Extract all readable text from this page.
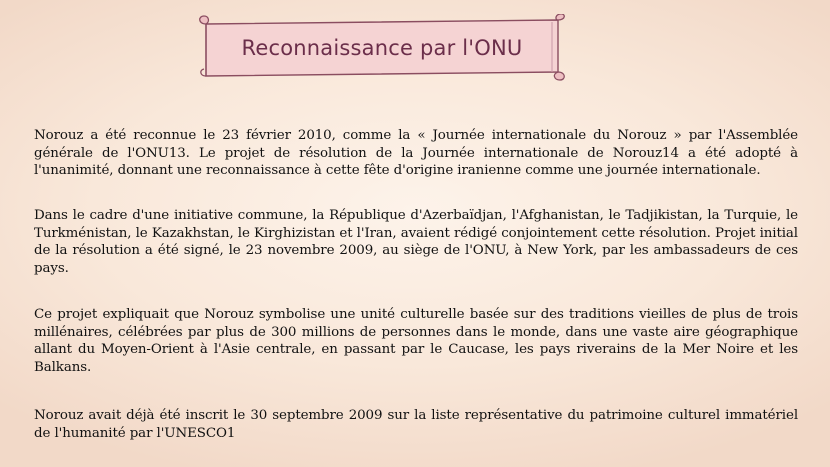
Reconnaissance par l'ONU

Norouz a été reconnue le 23 février 2010, comme la « Journée internationale du Norouz » par l'Assemblée générale de l'ONU13. Le projet de résolution de la Journée internationale de Norouz14 a été adopté à l'unanimité, donnant une reconnaissance à cette fête d'origine iranienne comme une journée internationale.

Dans le cadre d'une initiative commune, la République d'Azerbaïdjan, l'Afghanistan, le Tadjikistan, la Turquie, le Turkménistan, le Kazakhstan, le Kirghizistan et l'Iran, avaient rédigé conjointement cette résolution. Projet initial de la résolution a été signé, le 23 novembre 2009, au siège de l'ONU, à New York, par les ambassadeurs de ces pays.

Ce projet expliquait que Norouz symbolise une unité culturelle basée sur des traditions vieilles de plus de trois millénaires, célébrées par plus de 300 millions de personnes dans le monde, dans une vaste aire géographique allant du Moyen-Orient à l'Asie centrale, en passant par le Caucase, les pays riverains de la Mer Noire et les Balkans.

Norouz avait déjà été inscrit le 30 septembre 2009 sur la liste représentative du patrimoine culturel immatériel de l'humanité par l'UNESCO1
